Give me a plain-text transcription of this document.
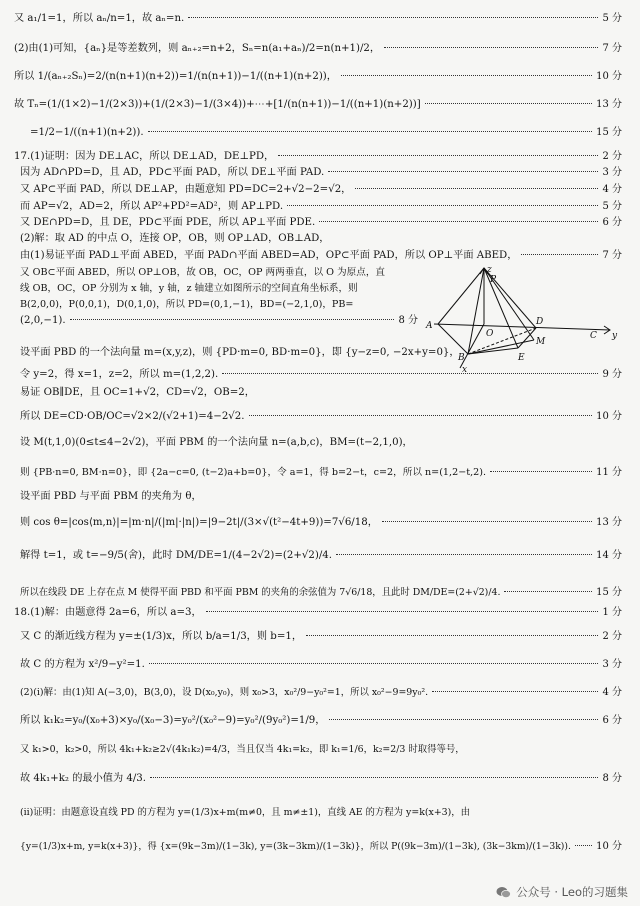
又 a₁/1=1，所以 aₙ/n=1，故 aₙ=n.	5 分
(2)由(1)可知，{aₙ}是等差数列，则 aₙ₊₂=n+2，Sₙ=n(a₁+aₙ)/2=n(n+1)/2，	7 分
所以 1/(aₙ₊₂Sₙ)=2/(n(n+1)(n+2))=1/(n(n+1))−1/((n+1)(n+2))，	10 分
故 Tₙ=(1/(1×2)−1/(2×3))+(1/(2×3)−1/(3×4))+⋯+[1/(n(n+1))−1/((n+1)(n+2))]	13 分
=1/2−1/((n+1)(n+2)).	15 分
17.(1)证明：因为 DE⊥AC，所以 DE⊥AD，DE⊥PD，	2 分
因为 AD∩PD=D，且 AD，PD⊂平面 PAD，所以 DE⊥平面 PAD.	3 分
又 AP⊂平面 PAD，所以 DE⊥AP，由题意知 PD=DC=2+√2−2=√2，	4 分
而 AP=√2，AD=2，所以 AP²+PD²=AD²，则 AP⊥PD.	5 分
又 DE∩PD=D，且 DE，PD⊂平面 PDE，所以 AP⊥平面 PDE.	6 分
(2)解：取 AD 的中点 O，连接 OP，OB，则 OP⊥AD，OB⊥AD，
由(1)易证平面 PAD⊥平面 ABED，平面 PAD∩平面 ABED=AD，OP⊂平面 PAD，所以 OP⊥平面 ABED，	7 分
又 OB⊂平面 ABED，所以 OP⊥OB，故 OB，OC，OP 两两垂直，以 O 为原点，直
线 OB，OC，OP 分别为 x 轴，y 轴，z 轴建立如图所示的空间直角坐标系，则
B(2,0,0)，P(0,0,1)，D(0,1,0)，所以 PD=(0,1,−1)，BD=(−2,1,0)，PB=
(2,0,−1).	8 分
z
P
A
O
D
M
C y
B	E
x
设平面 PBD 的一个法向量 m=(x,y,z)，则 {PD·m=0, BD·m=0}，即 {y−z=0, −2x+y=0}，
令 y=2，得 x=1，z=2，所以 m=(1,2,2).	9 分
易证 OB∥DE，且 OC=1+√2，CD=√2，OB=2，
所以 DE=CD·OB/OC=√2×2/(√2+1)=4−2√2.	10 分
设 M(t,1,0)(0≤t≤4−2√2)，平面 PBM 的一个法向量 n=(a,b,c)，BM=(t−2,1,0)，
则 {PB·n=0, BM·n=0}，即 {2a−c=0, (t−2)a+b=0}，令 a=1，得 b=2−t，c=2，所以 n=(1,2−t,2).	11 分
设平面 PBD 与平面 PBM 的夹角为 θ，
则 cos θ=|cos⟨m,n⟩|=|m·n|/(|m|·|n|)=|9−2t|/(3×√(t²−4t+9))=7√6/18，	13 分
解得 t=1，或 t=−9/5(舍)，此时 DM/DE=1/(4−2√2)=(2+√2)/4.	14 分
所以在线段 DE 上存在点 M 使得平面 PBD 和平面 PBM 的夹角的余弦值为 7√6/18，且此时 DM/DE=(2+√2)/4.	15 分
18.(1)解：由题意得 2a=6，所以 a=3，	1 分
又 C 的渐近线方程为 y=±(1/3)x，所以 b/a=1/3，则 b=1，	2 分
故 C 的方程为 x²/9−y²=1.	3 分
(2)(ⅰ)解：由(1)知 A(−3,0)，B(3,0)，设 D(x₀,y₀)，则 x₀>3，x₀²/9−y₀²=1，所以 x₀²−9=9y₀².	4 分
所以 k₁k₂=y₀/(x₀+3)×y₀/(x₀−3)=y₀²/(x₀²−9)=y₀²/(9y₀²)=1/9，	6 分
又 k₁>0，k₂>0，所以 4k₁+k₂≥2√(4k₁k₂)=4/3，当且仅当 4k₁=k₂，即 k₁=1/6，k₂=2/3 时取得等号，
故 4k₁+k₂ 的最小值为 4/3.	8 分
(ⅱ)证明：由题意设直线 PD 的方程为 y=(1/3)x+m(m≠0，且 m≠±1)，直线 AE 的方程为 y=k(x+3)，由
{y=(1/3)x+m, y=k(x+3)}，得 {x=(9k−3m)/(1−3k), y=(3k−3km)/(1−3k)}，所以 P((9k−3m)/(1−3k), (3k−3km)/(1−3k)).	10 分
公众号 · Leo的习题集
